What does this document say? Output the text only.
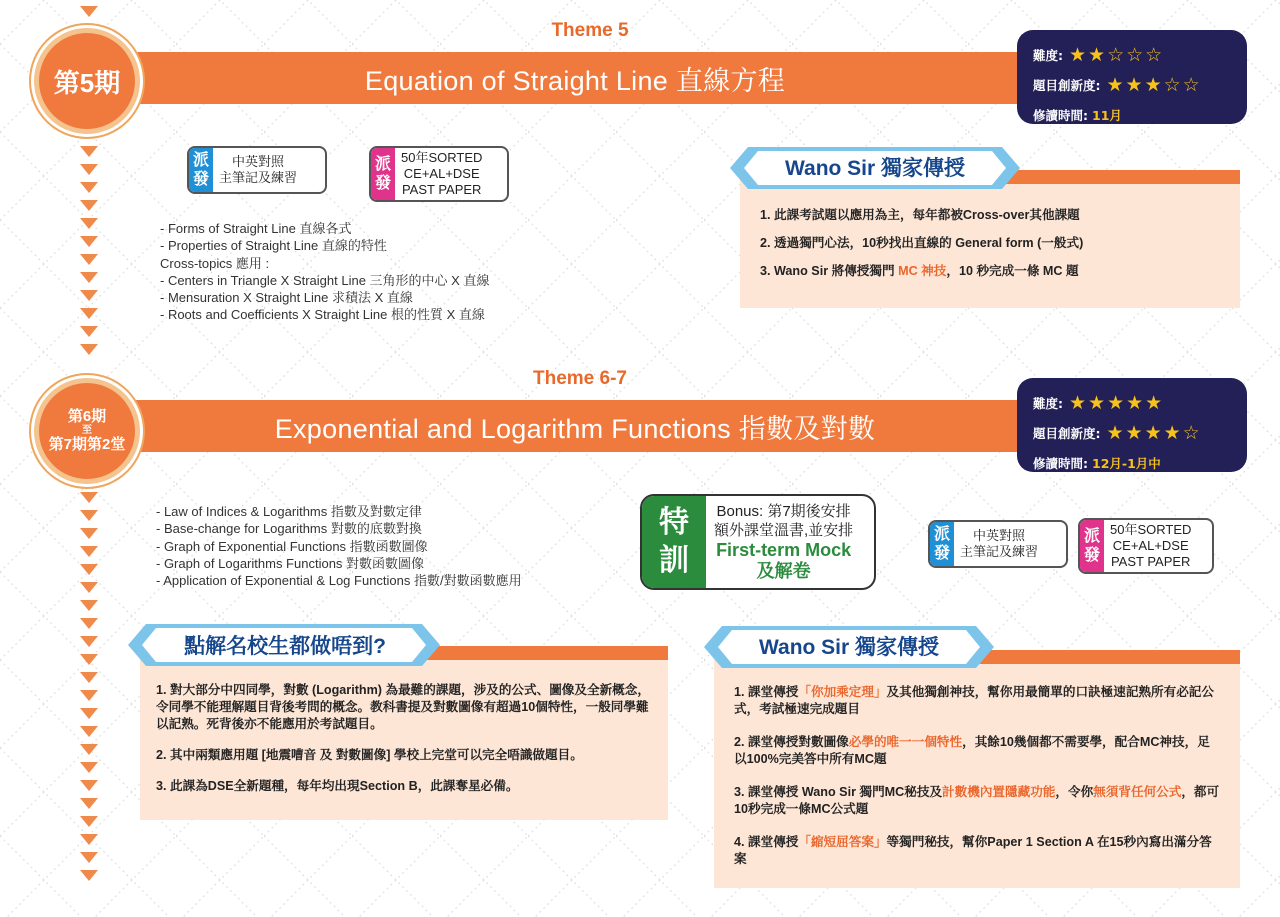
Theme 5
Equation of Straight Line 直線方程
第5期
難度: ★★☆☆☆
題目創新度: ★★★☆☆
修讀時間: 11月
派
發
中英對照
主筆記及練習
派
發
50年SORTED
CE+AL+DSE
PAST PAPER
- Forms of Straight Line 直線各式
- Properties of Straight Line 直線的特性
Cross-topics 應用 :
- Centers in Triangle X Straight Line 三角形的中心 X 直線
- Mensuration X Straight Line 求積法 X 直線
- Roots and Coefficients X Straight Line 根的性質 X 直線

1. 此課考試題以應用為主，每年都被Cross-over其他課題

2. 透過獨門心法，10秒找出直線的 General form (一般式)

3. Wano Sir 將傳授獨門 MC 神技，10 秒完成一條 MC 題

Wano Sir 獨家傳授
Theme 6-7
Exponential and Logarithm Functions 指數及對數
第6期
至
第7期第2堂
難度: ★★★★★
題目創新度: ★★★★☆
修讀時間: 12月-1月中
- Law of Indices & Logarithms 指數及對數定律
- Base-change for Logarithms 對數的底數對換
- Graph of Exponential Functions 指數函數圖像
- Graph of Logarithms Functions 對數函數圖像
- Application of Exponential & Log Functions 指數/對數函數應用
特
訓
Bonus: 第7期後安排
額外課堂溫書,並安排
First-term Mock
及解卷
派
發
中英對照
主筆記及練習
派
發
50年SORTED
CE+AL+DSE
PAST PAPER

1. 對大部分中四同學，對數 (Logarithm) 為最難的課題，涉及的公式、圖像及全新概念，令同學不能理解題目背後考問的概念。教科書提及對數圖像有超過10個特性，一般同學難以記熟。死背後亦不能應用於考試題目。

2. 其中兩類應用題 [地震嘈音 及 對數圖像] 學校上完堂可以完全唔識做題目。

3. 此課為DSE全新題種，每年均出現Section B，此課奪星必備。

點解名校生都做唔到?

1. 課堂傳授「你加乘定理」及其他獨創神技，幫你用最簡單的口訣極速記熟所有必記公式，考試極速完成題目

2. 課堂傳授對數圖像必學的唯一一個特性，其餘10幾個都不需要學，配合MC神技，足以100%完美答中所有MC題

3. 課堂傳授 Wano Sir 獨門MC秘技及計數機內置隱藏功能，令你無須背任何公式，都可10秒完成一條MC公式題

4. 課堂傳授「縮短屈答案」等獨門秘技，幫你Paper 1 Section A 在15秒內寫出滿分答案

Wano Sir 獨家傳授
